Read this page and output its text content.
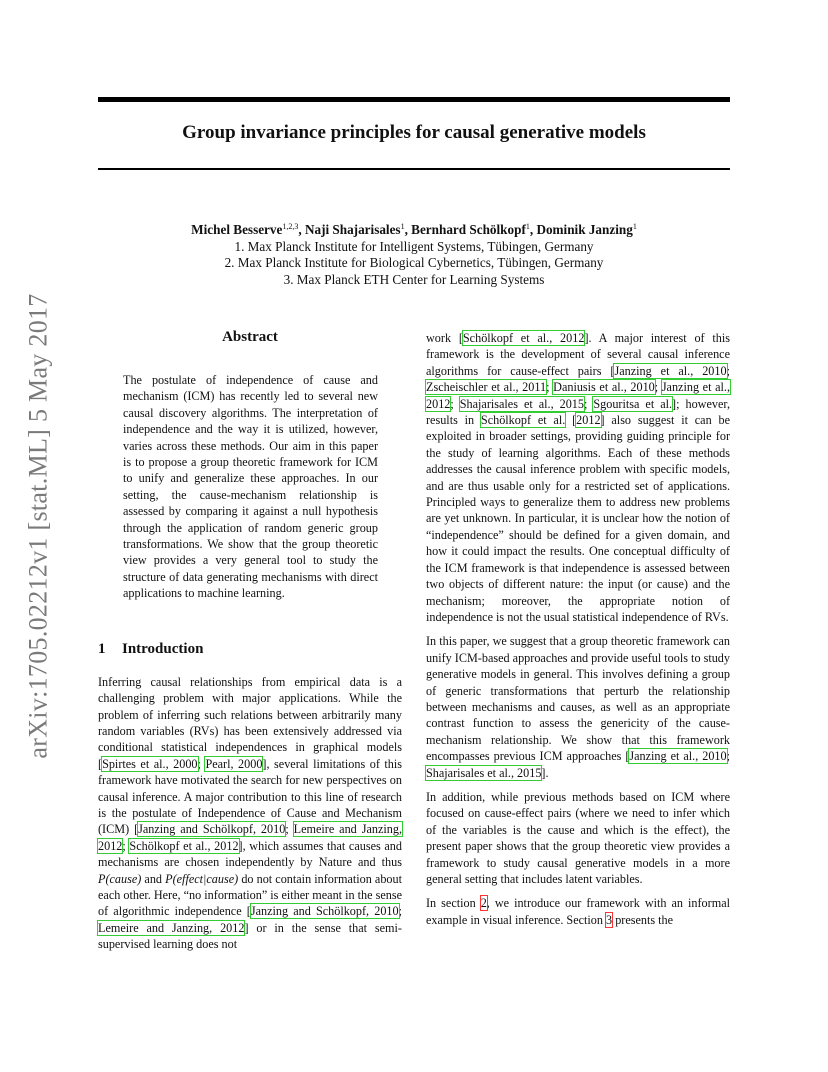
arXiv:1705.02212v1 [stat.ML] 5 May 2017
Group invariance principles for causal generative models
Michel Besserve$^{1,2,3}$, Naji Shajarisales$^1$, Bernhard Schölkopf$^1$, Dominik Janzing$^1$
1. Max Planck Institute for Intelligent Systems, Tübingen, Germany
2. Max Planck Institute for Biological Cybernetics, Tübingen, Germany
3. Max Planck ETH Center for Learning Systems
Abstract

The postulate of independence of cause and mechanism (ICM) has recently led to several new causal discovery algorithms. The interpretation of independence and the way it is utilized, however, varies across these methods. Our aim in this paper is to propose a group theoretic framework for ICM to unify and generalize these approaches. In our setting, the cause-mechanism relationship is assessed by comparing it against a null hypothesis through the application of random generic group transformations. We show that the group theoretic view provides a very general tool to study the structure of data generating mechanisms with direct applications to machine learning.

1 Introduction

Inferring causal relationships from empirical data is a challenging problem with major applications. While the problem of inferring such relations between arbitrarily many random variables (RVs) has been extensively addressed via conditional statistical independences in graphical models [Spirtes et al., 2000; Pearl, 2000], several limitations of this framework have motivated the search for new perspectives on causal inference. A major contribution to this line of research is the postulate of Independence of Cause and Mechanism (ICM) [Janzing and Schölkopf, 2010; Lemeire and Janzing, 2012; Schölkopf et al., 2012], which assumes that causes and mechanisms are chosen independently by Nature and thus P(cause) and P(effect|cause) do not contain information about each other. Here, “no information” is either meant in the sense of algorithmic independence [Janzing and Schölkopf, 2010; Lemeire and Janzing, 2012] or in the sense that semi-supervised learning does not

work [Schölkopf et al., 2012]. A major interest of this framework is the development of several causal inference algorithms for cause-effect pairs [Janzing et al., 2010; Zscheischler et al., 2011; Daniusis et al., 2010; Janzing et al., 2012; Shajarisales et al., 2015; Sgouritsa et al.]; however, results in Schölkopf et al. [2012] also suggest it can be exploited in broader settings, providing guiding principle for the study of learning algorithms. Each of these methods addresses the causal inference problem with specific models, and are thus usable only for a restricted set of applications. Principled ways to generalize them to address new problems are yet unknown. In particular, it is unclear how the notion of “independence” should be defined for a given domain, and how it could impact the results. One conceptual difficulty of the ICM framework is that independence is assessed between two objects of different nature: the input (or cause) and the mechanism; moreover, the appropriate notion of independence is not the usual statistical independence of RVs.

In this paper, we suggest that a group theoretic framework can unify ICM-based approaches and provide useful tools to study generative models in general. This involves defining a group of generic transformations that perturb the relationship between mechanisms and causes, as well as an appropriate contrast function to assess the genericity of the cause-mechanism relationship. We show that this framework encompasses previous ICM approaches [Janzing et al., 2010; Shajarisales et al., 2015].

In addition, while previous methods based on ICM where focused on cause-effect pairs (where we need to infer which of the variables is the cause and which is the effect), the present paper shows that the group theoretic view provides a framework to study causal generative models in a more general setting that includes latent variables.

In section 2, we introduce our framework with an informal example in visual inference. Section 3 presents the
